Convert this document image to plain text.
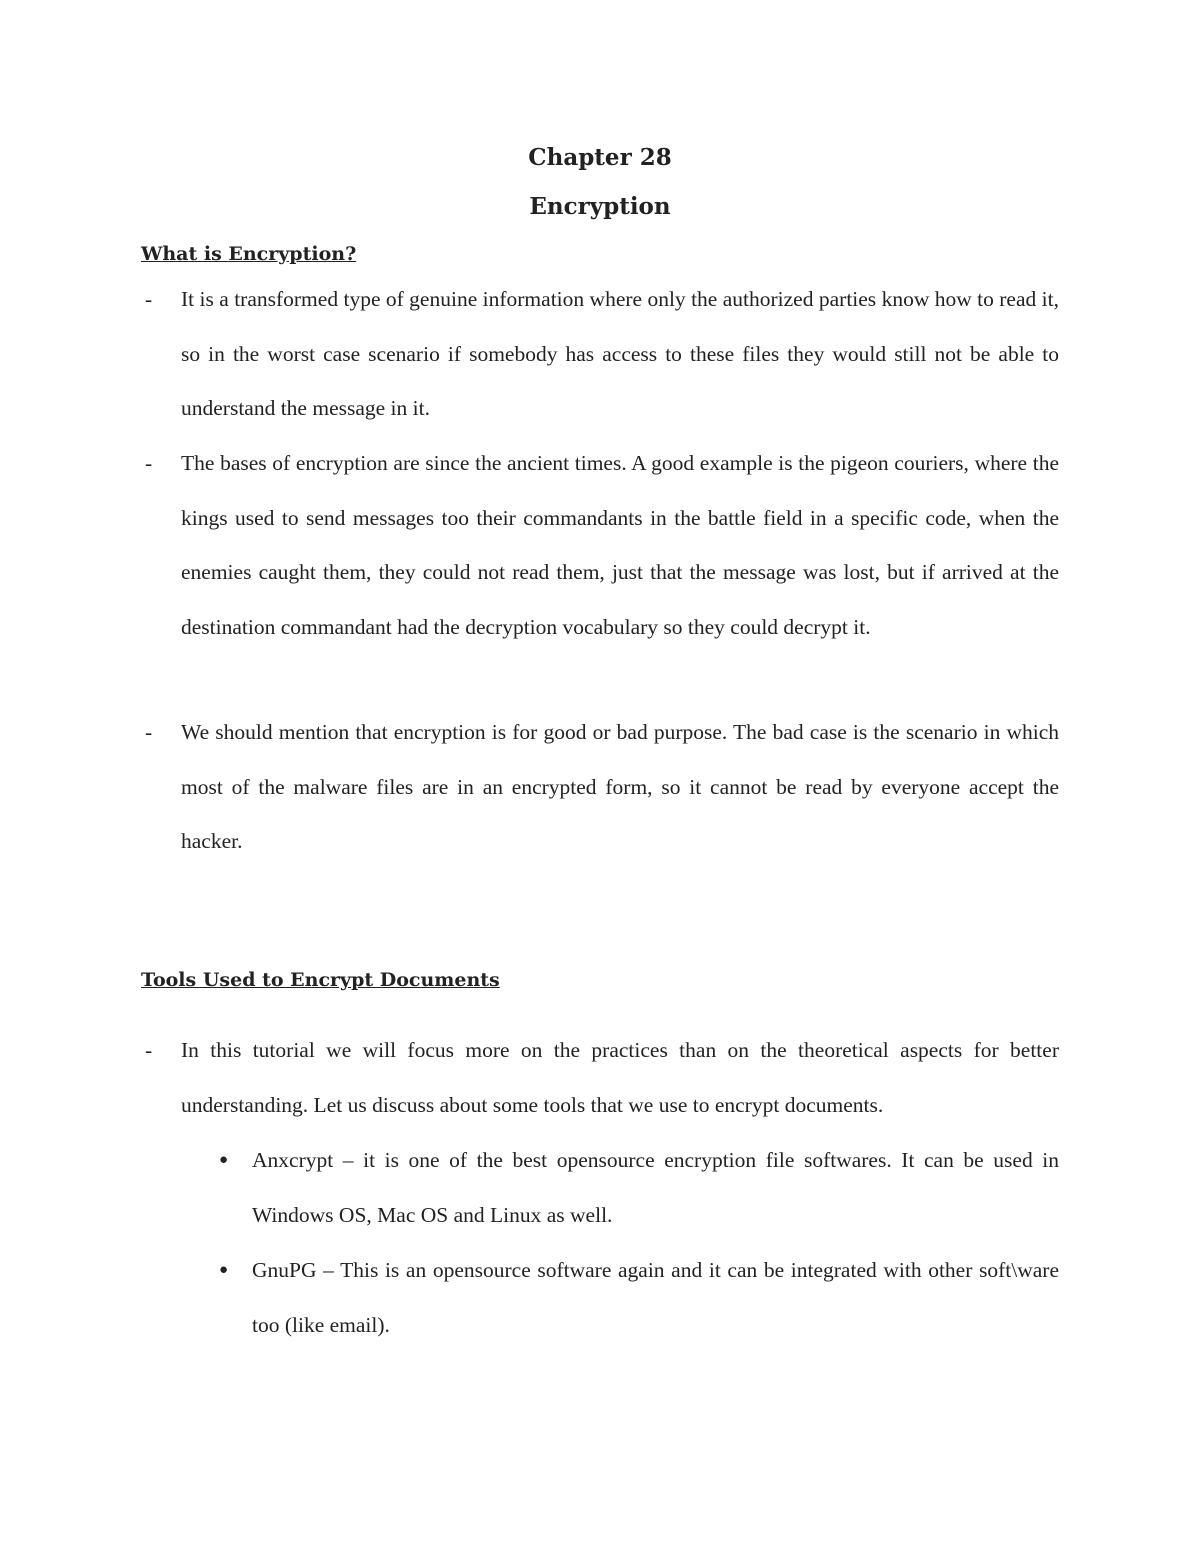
Chapter 28
Encryption
What is Encryption?
- It is a transformed type of genuine information where only the authorized parties know how to read it, so in the worst case scenario if somebody has access to these files they would still not be able to understand the message in it.
- The bases of encryption are since the ancient times. A good example is the pigeon couriers, where the kings used to send messages too their commandants in the battle field in a specific code, when the enemies caught them, they could not read them, just that the message was lost, but if arrived at the destination commandant had the decryption vocabulary so they could decrypt it.
- We should mention that encryption is for good or bad purpose. The bad case is the scenario in which most of the malware files are in an encrypted form, so it cannot be read by everyone accept the hacker.
Tools Used to Encrypt Documents
- In this tutorial we will focus more on the practices than on the theoretical aspects for better understanding. Let us discuss about some tools that we use to encrypt documents.
● Anxcrypt – it is one of the best opensource encryption file softwares. It can be used in Windows OS, Mac OS and Linux as well.
● GnuPG – This is an opensource software again and it can be integrated with other soft\ware too (like email).
